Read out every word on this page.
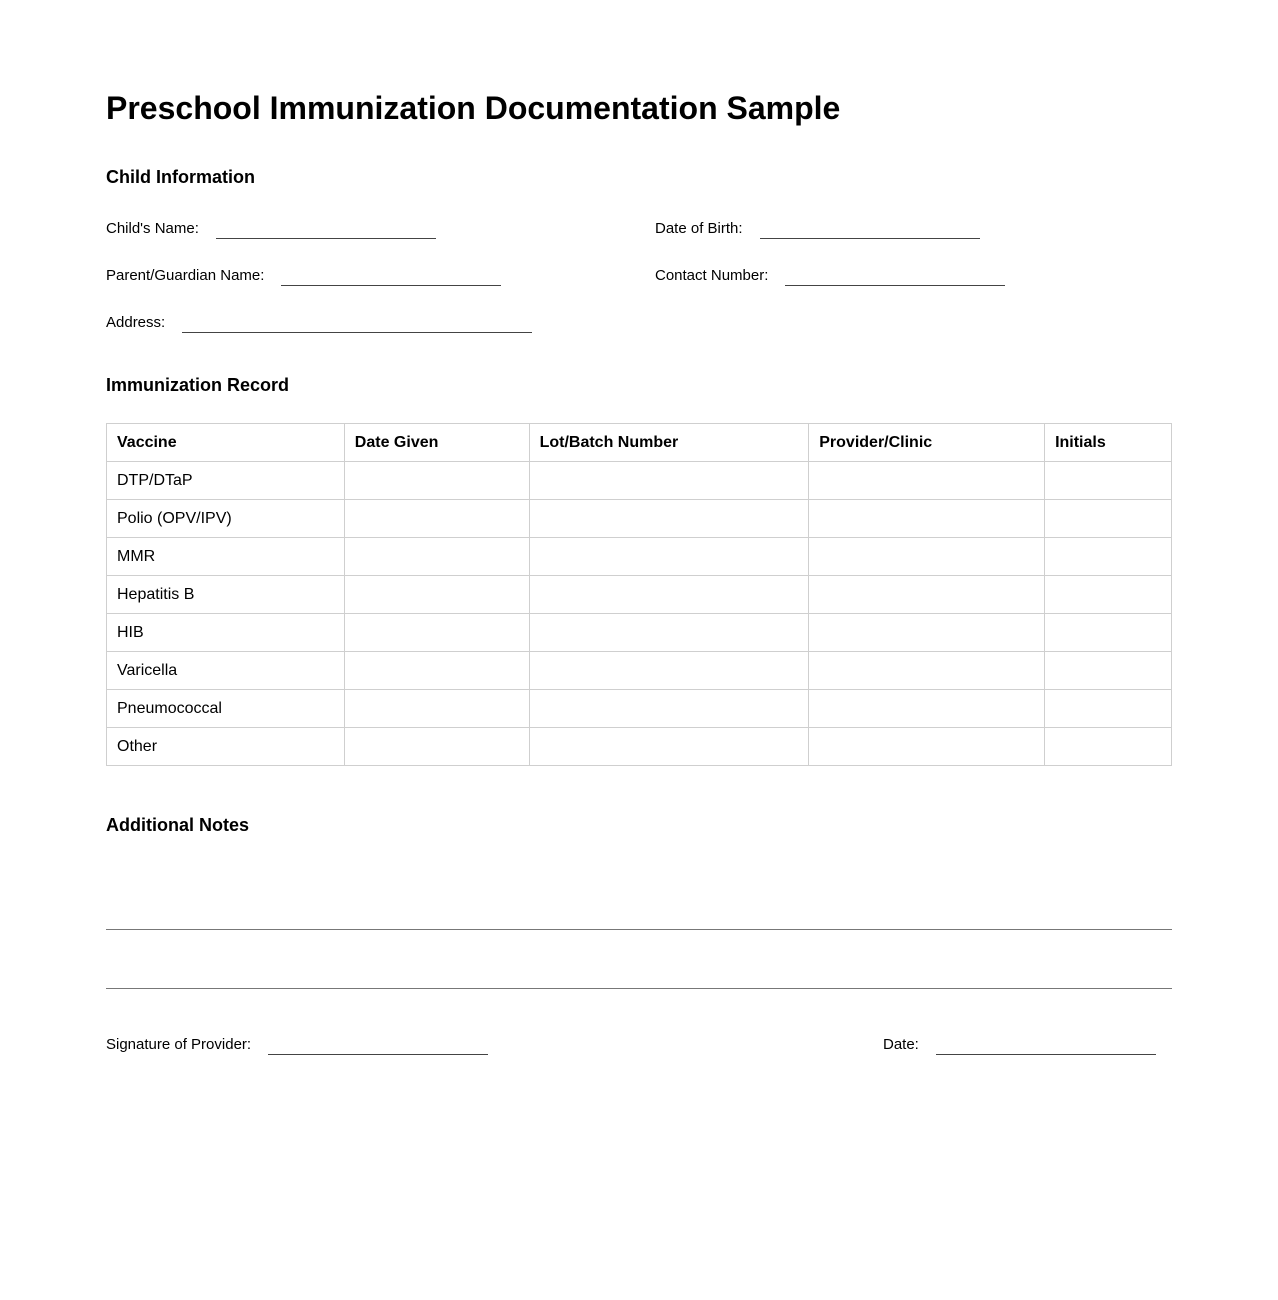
Preschool Immunization Documentation Sample
Child Information
Child's Name:	Date of Birth:
Parent/Guardian Name:	Contact Number:
Address:
Immunization Record
Vaccine	Date Given	Lot/Batch Number	Provider/Clinic	Initials
DTP/DTaP				
Polio (OPV/IPV)				
MMR				
Hepatitis B				
HIB				
Varicella				
Pneumococcal				
Other				
Additional Notes
Signature of Provider:	Date:
